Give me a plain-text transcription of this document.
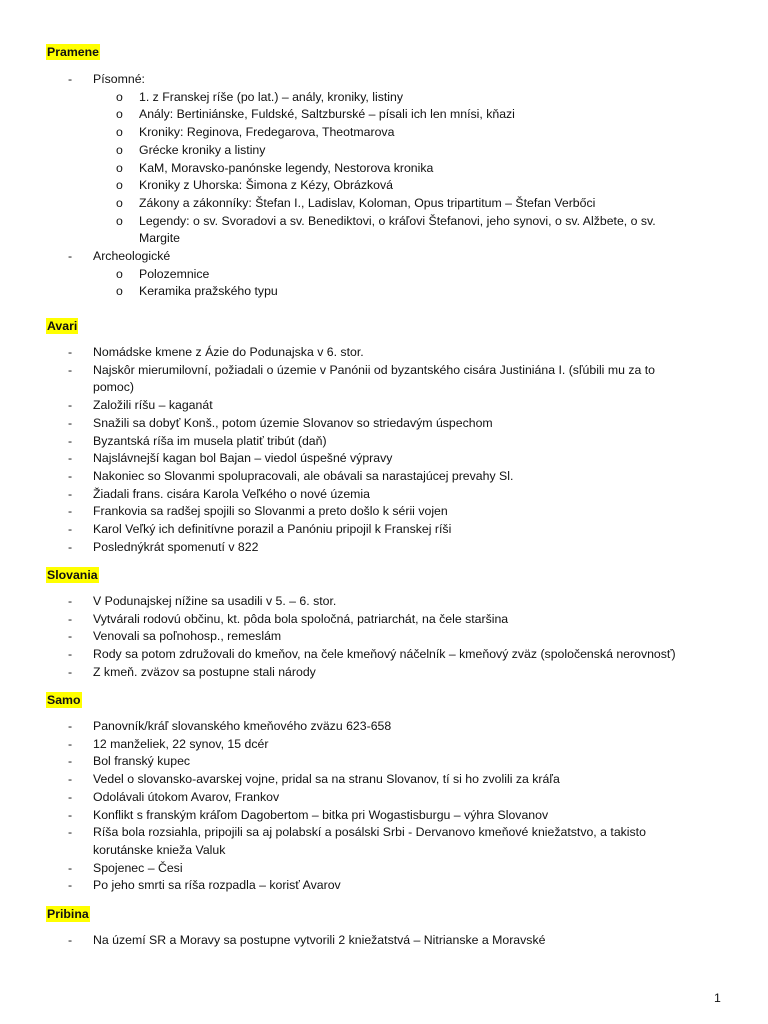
Pramene
- Písomné:
o 1. z Franskej ríše (po lat.) – anály, kroniky, listiny
o Anály: Bertiniánske, Fuldské, Saltzburské – písali ich len mnísi, kňazi
o Kroniky: Reginova, Fredegarova, Theotmarova
o Grécke kroniky a listiny
o KaM, Moravsko-panónske legendy, Nestorova kronika
o Kroniky z Uhorska: Šimona z Kézy, Obrázková
o Zákony a zákonníky: Štefan I., Ladislav, Koloman, Opus tripartitum – Štefan Verbőci
o Legendy: o sv. Svoradovi a sv. Benediktovi, o kráľovi Štefanovi, jeho synovi, o sv. Alžbete, o sv. Margite
- Archeologické
o Polozemnice
o Keramika pražského typu
Avari
- Nomádske kmene z Ázie do Podunajska v 6. stor.
- Najskôr mierumilovní, požiadali o územie v Panónii od byzantského cisára Justiniána I. (sľúbili mu za to pomoc)
- Založili ríšu – kaganát
- Snažili sa dobyť Konš., potom územie Slovanov so striedavým úspechom
- Byzantská ríša im musela platiť tribút (daň)
- Najslávnejší kagan bol Bajan – viedol úspešné výpravy
- Nakoniec so Slovanmi spolupracovali, ale obávali sa narastajúcej prevahy Sl.
- Žiadali frans. cisára Karola Veľkého o nové územia
- Frankovia sa radšej spojili so Slovanmi a preto došlo k sérii vojen
- Karol Veľký ich definitívne porazil a Panóniu pripojil k Franskej ríši
- Poslednýkrát spomenutí v 822
Slovania
- V Podunajskej nížine sa usadili v 5. – 6. stor.
- Vytvárali rodovú občinu, kt. pôda bola spoločná, patriarchát, na čele staršina
- Venovali sa poľnohosp., remeslám
- Rody sa potom združovali do kmeňov, na čele kmeňový náčelník – kmeňový zväz (spoločenská nerovnosť)
- Z kmeň. zväzov sa postupne stali národy
Samo
- Panovník/kráľ slovanského kmeňového zväzu 623-658
- 12 manželiek, 22 synov, 15 dcér
- Bol franský kupec
- Vedel o slovansko-avarskej vojne, pridal sa na stranu Slovanov, tí si ho zvolili za kráľa
- Odolávali útokom Avarov, Frankov
- Konflikt s franským kráľom Dagobertom – bitka pri Wogastisburgu – výhra Slovanov
- Ríša bola rozsiahla, pripojili sa aj polabskí a posálski Srbi - Dervanovo kmeňové kniežatstvo, a takisto korutánske knieža Valuk
- Spojenec – Česi
- Po jeho smrti sa ríša rozpadla – korisť Avarov
Pribina
- Na území SR a Moravy sa postupne vytvorili 2 kniežatstvá – Nitrianske a Moravské
1
